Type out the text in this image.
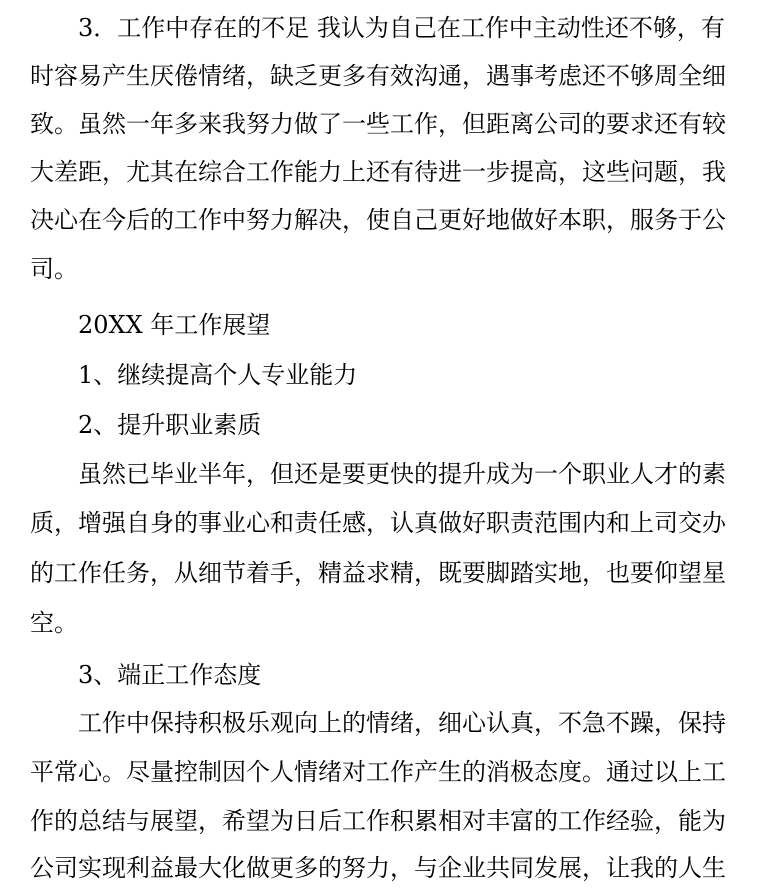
3．工作中存在的不足 我认为自己在工作中主动性还不够，有
时容易产生厌倦情绪，缺乏更多有效沟通，遇事考虑还不够周全细
致。虽然一年多来我努力做了一些工作，但距离公司的要求还有较
大差距，尤其在综合工作能力上还有待进一步提高，这些问题，我
决心在今后的工作中努力解决，使自己更好地做好本职，服务于公
司。
20XX 年工作展望
1、继续提高个人专业能力
2、提升职业素质
虽然已毕业半年，但还是要更快的提升成为一个职业人才的素
质，增强自身的事业心和责任感，认真做好职责范围内和上司交办
的工作任务，从细节着手，精益求精，既要脚踏实地，也要仰望星
空。
3、端正工作态度
工作中保持积极乐观向上的情绪，细心认真，不急不躁，保持
平常心。尽量控制因个人情绪对工作产生的消极态度。通过以上工
作的总结与展望，希望为日后工作积累相对丰富的工作经验，能为
公司实现利益最大化做更多的努力，与企业共同发展，让我的人生
